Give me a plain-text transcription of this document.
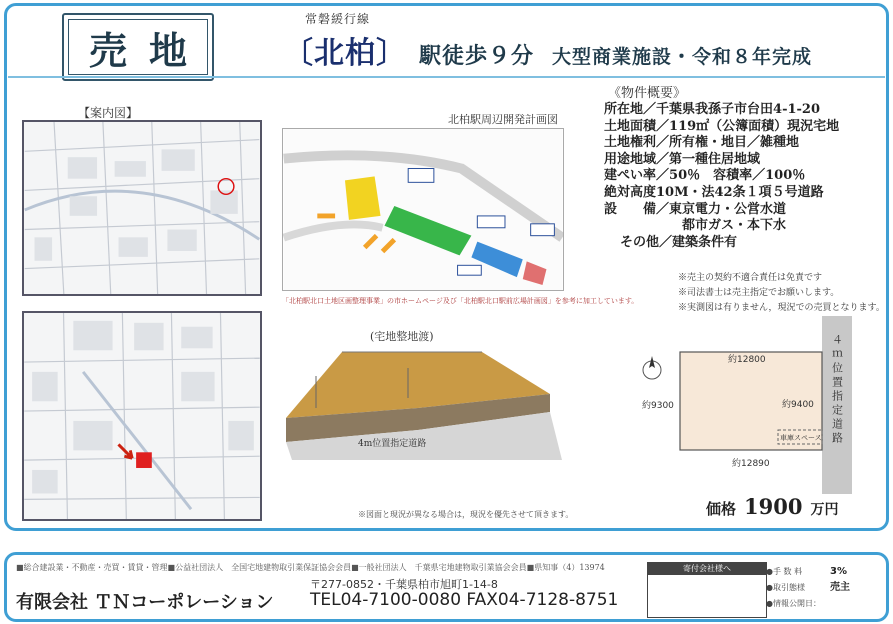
売地
常磐緩行線
〔北柏〕 駅徒歩９分 大型商業施設・令和８年完成
【案内図】	北柏駅周辺開発計画図
「北柏駅北口土地区画整理事業」の市ホームページ及び「北柏駅北口駅前広場計画図」を参考に加工しています。
(宅地整地渡)
4m位置指定道路
※図面と現況が異なる場合は，現況を優先させて頂きます。
《物件概要》
所在地 ／ 千葉県我孫子市台田4-1-20
土地面積 ／ 119㎡（公簿面積）現況宅地
土地権利 ／ 所有権・地目／雑種地
用途地域 ／ 第一種住居地域
建ぺい率 ／ 50％　容積率／100％
絶対高度10M・法42条１項５号道路
設　　備 ／ 東京電力・公営水道
都市ガス・本下水
その他 ／ 建築条件有
※売主の契約不適合責任は免責です
※司法書士は売主指定でお願いします。
※実測図は有りません，現況での売買となります。
約12800
約12890
約9300	約9400
車庫スペース ４ｍ位置指定道路
価格 1900 万円
■総合建設業・不動産・売買・賃貸・管理■公益社団法人　全国宅地建物取引業保証協会会員■一般社団法人　千葉県宅地建物取引業協会会員■県知事（4）13974
有限会社 ＴＮコーポレーション
〒277-0852・千葉県柏市旭町1-14-8
TEL04-7100-0080 FAX04-7128-8751
寄付会社様へ	●手 数 料	3%
●取引態様	売主
●情報公開日：
